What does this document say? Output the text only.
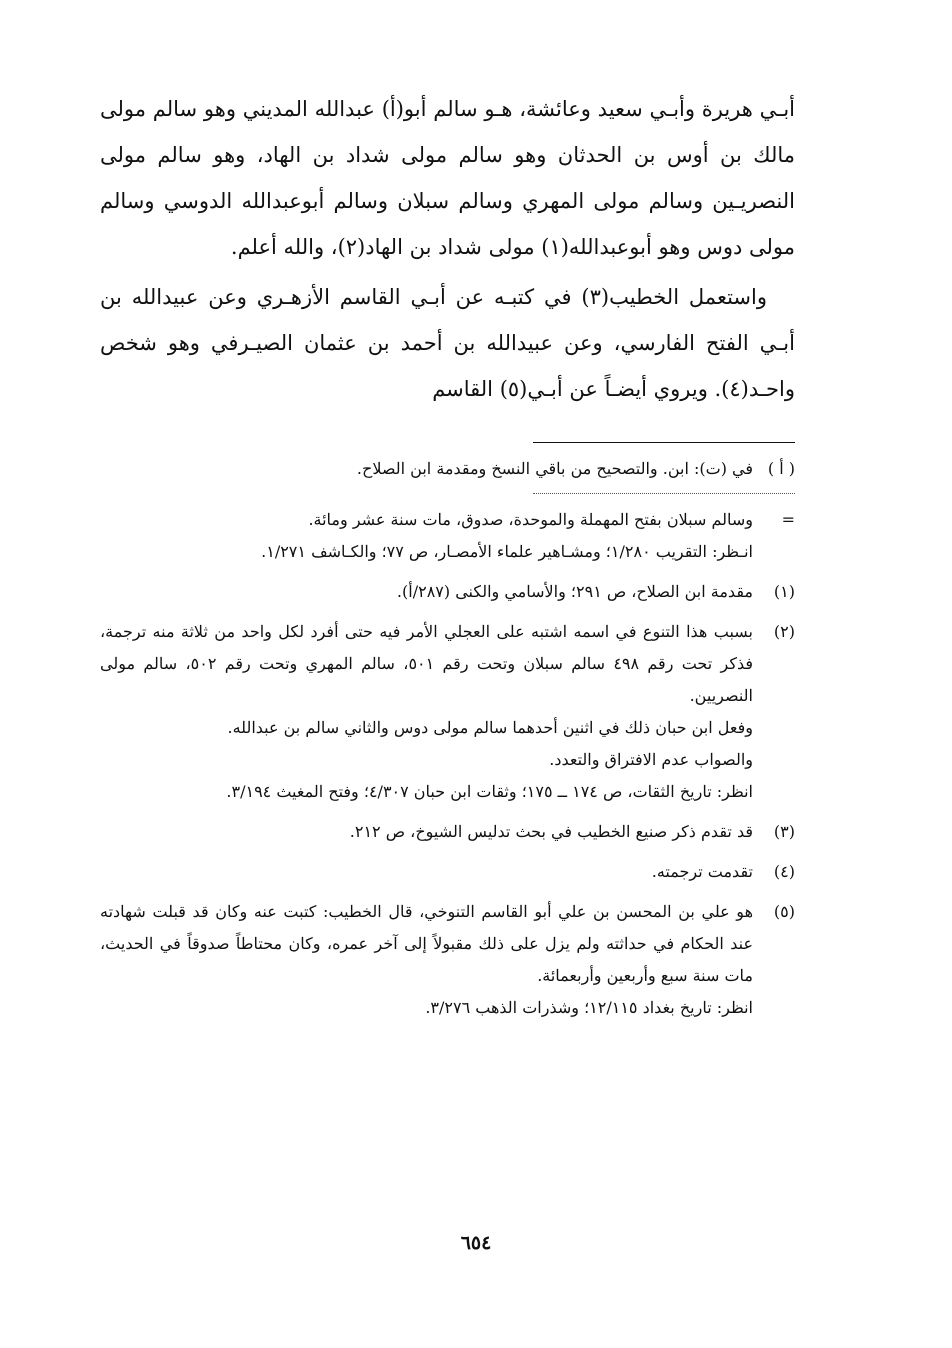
أبـي هريرة وأبـي سعيد وعائشة، هـو سالم أبو(أ) عبدالله المديني وهو سالم مولى مالك بن أوس بن الحدثان وهو سالم مولى شداد بن الهاد، وهو سالم مولى النصريـين وسالم مولى المهري وسالم سبلان وسالم أبوعبدالله الدوسي وسالم مولى دوس وهو أبوعبدالله(١) مولى شداد بن الهاد(٢)، والله أعلم.

واستعمل الخطيب(٣) في كتبـه عن أبـي القاسم الأزهـري وعن عبيدالله بن أبـي الفتح الفارسي، وعن عبيدالله بن أحمد بن عثمان الصيـرفي وهو شخص واحـد(٤). ويروي أيضـاً عن أبـي(٥) القاسم

( أ )
في (ت): ابن. والتصحيح من باقي النسخ ومقدمة ابن الصلاح.
=
وسالم سبلان بفتح المهملة والموحدة، صدوق، مات سنة عشر ومائة.
انـظر: التقريب ١/٢٨٠؛ ومشـاهير علماء الأمصـار، ص ٧٧؛ والكـاشف ١/٢٧١.
(١)
مقدمة ابن الصلاح، ص ٢٩١؛ والأسامي والكنى (٢٨٧/أ).
(٢)
بسبب هذا التنوع في اسمه اشتبه على العجلي الأمر فيه حتى أفرد لكل واحد من ثلاثة منه ترجمة، فذكر تحت رقم ٤٩٨ سالم سبلان وتحت رقم ٥٠١، سالم المهري وتحت رقم ٥٠٢، سالم مولى النصريين.
وفعل ابن حبان ذلك في اثنين أحدهما سالم مولى دوس والثاني سالم بن عبدالله.
والصواب عدم الافتراق والتعدد.
انظر: تاريخ الثقات، ص ١٧٤ ــ ١٧٥؛ وثقات ابن حبان ٤/٣٠٧؛ وفتح المغيث ٣/١٩٤.
(٣)
قد تقدم ذكر صنيع الخطيب في بحث تدليس الشيوخ، ص ٢١٢.
(٤)
تقدمت ترجمته.
(٥)
هو علي بن المحسن بن علي أبو القاسم التنوخي، قال الخطيب: كتبت عنه وكان قد قبلت شهادته عند الحكام في حداثته ولم يزل على ذلك مقبولاً إلى آخر عمره، وكان محتاطاً صدوقاً في الحديث، مات سنة سبع وأربعين وأربعمائة.
انظر: تاريخ بغداد ١٢/١١٥؛ وشذرات الذهب ٣/٢٧٦.
٦٥٤
